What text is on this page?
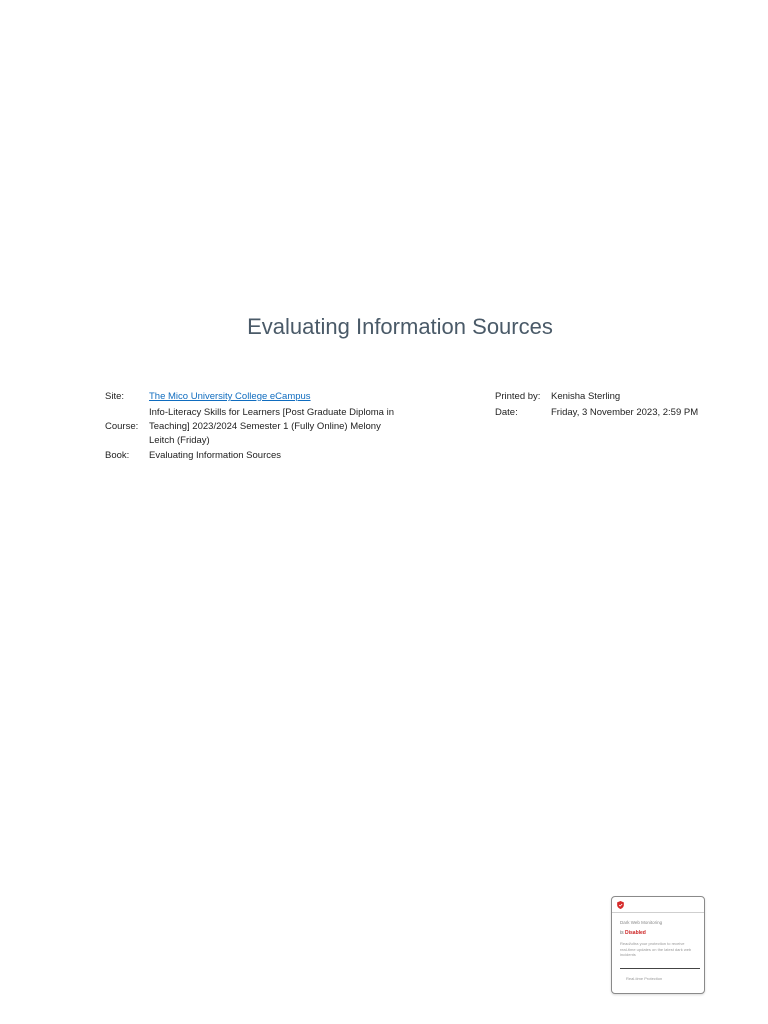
Evaluating Information Sources
Site:	The Mico University College eCampus
Course:	Info-Literacy Skills for Learners [Post Graduate Diploma in Teaching] 2023/2024 Semester 1 (Fully Online) Melony Leitch (Friday)
Book:	Evaluating Information Sources
Printed by:	Kenisha Sterling
Date:	Friday, 3 November 2023, 2:59 PM
Dark Web Monitoring
is Disabled
Read/ultra your protection to receive real-time updates on the latest dark web incidents
Real-time Protection
